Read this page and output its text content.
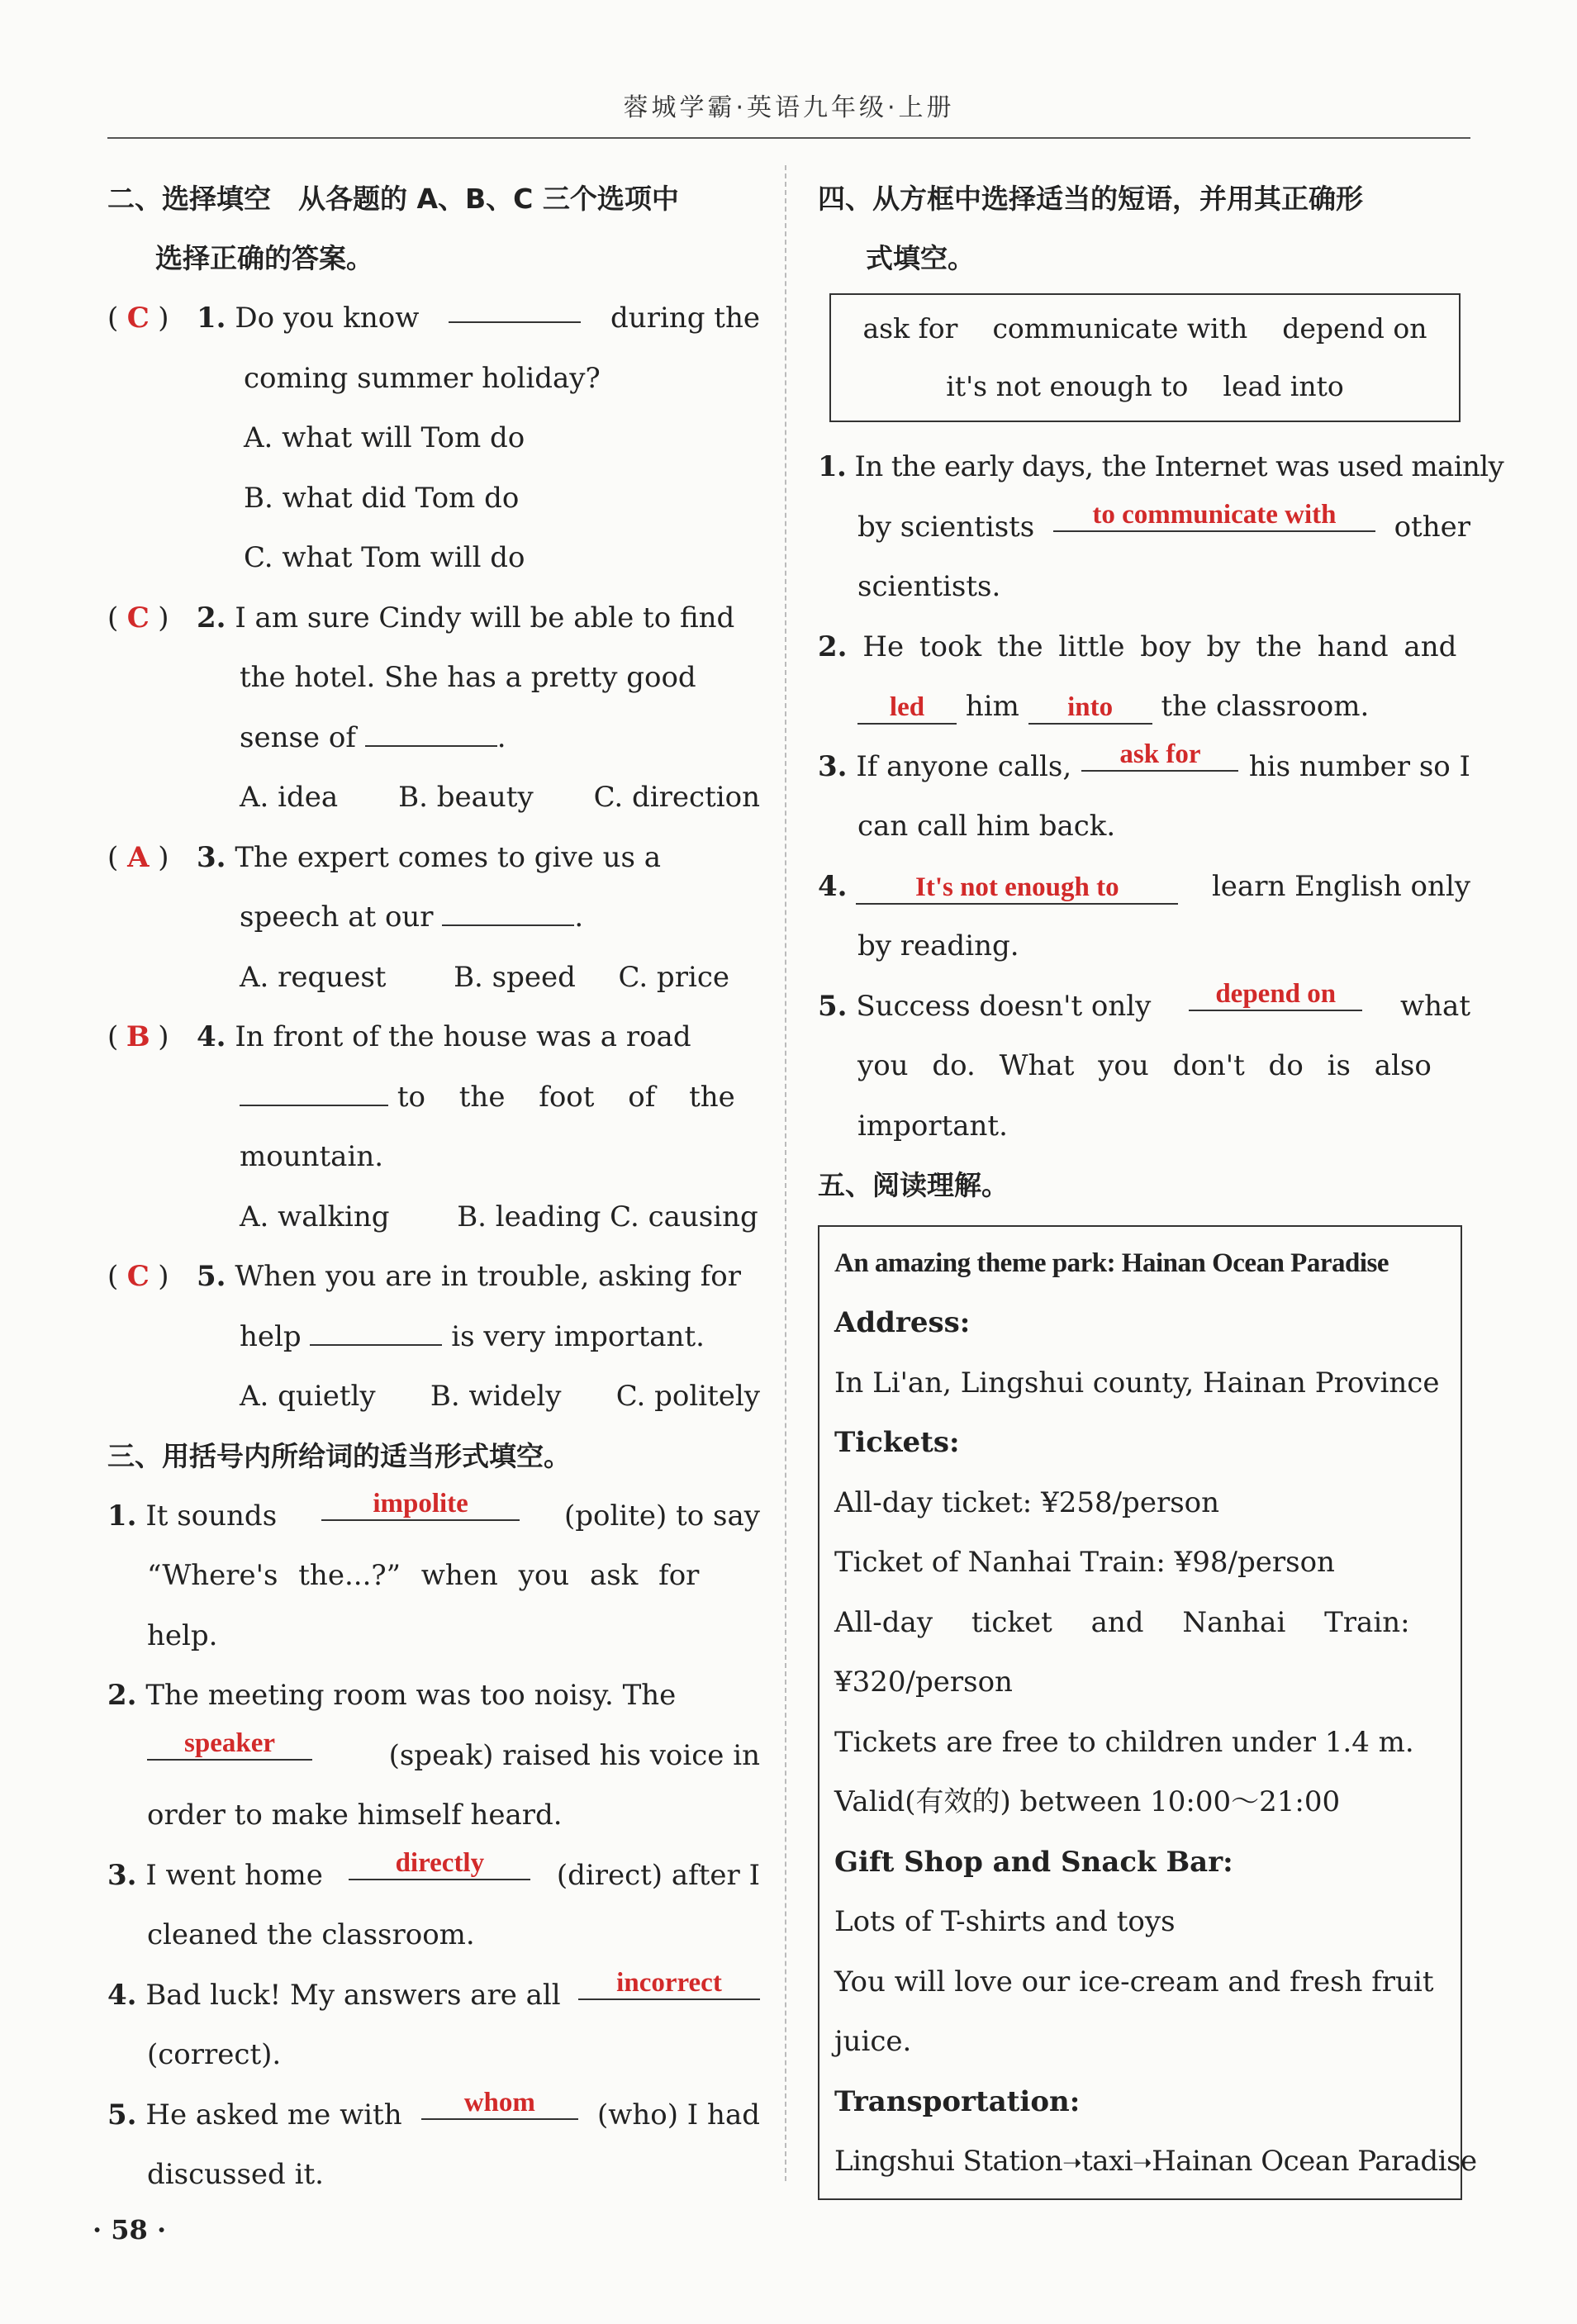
蓉城学霸·英语九年级·上册
二、选择填空　从各题的 A、B、C 三个选项中
选择正确的答案。

( C ) 1. Do you know	during the

coming summer holiday?

A. what will Tom do

B. what did Tom do

C. what Tom will do

( C ) 2. I am sure Cindy will be able to find

the hotel. She has a pretty good

sense of	.

A. idea B. beauty C. direction

( A ) 3. The expert comes to give us a

speech at our	.

A. request B. speed C. price

( B ) 4. In front of the house was a road

to the foot of the

mountain.

A. walking B. leading C. causing

( C ) 5. When you are in trouble, asking for

help	is very important.

A. quietly B. widely C. politely

三、用括号内所给词的适当形式填空。

1. It sounds	impolite	(polite) to say

“Where's the...?” when you ask for

help.

2. The meeting room was too noisy. The

speaker	(speak) raised his voice in

order to make himself heard.

3. I went home	directly	(direct) after I

cleaned the classroom.

4. Bad luck! My answers are all	incorrect

(correct).

5. He asked me with	whom	(who) I had

discussed it.

四、从方框中选择适当的短语，并用其正确形
式填空。
ask for communicate with depend on
it's not enough to lead into

1. In the early days, the Internet was used mainly

by scientists	to communicate with	other

scientists.

2. He took the little boy by the hand and

led him into the classroom.

3. If anyone calls,	ask for	his number so I

can call him back.

4. It's not enough to	learn English only

by reading.

5. Success doesn't only	depend on	what

you do. What you don't do is also

important.

五、阅读理解。
An amazing theme park: Hainan Ocean Paradise

Address:

In Li'an, Lingshui county, Hainan Province

Tickets:

All-day ticket: ¥258/person

Ticket of Nanhai Train: ¥98/person

All-day ticket and Nanhai Train:

¥320/person

Tickets are free to children under 1.4 m.

Valid(有效的) between 10:00～21:00

Gift Shop and Snack Bar:

Lots of T-shirts and toys

You will love our ice-cream and fresh fruit

juice.

Transportation:

Lingshui Station➝taxi➝Hainan Ocean Paradise

· 58 ·
